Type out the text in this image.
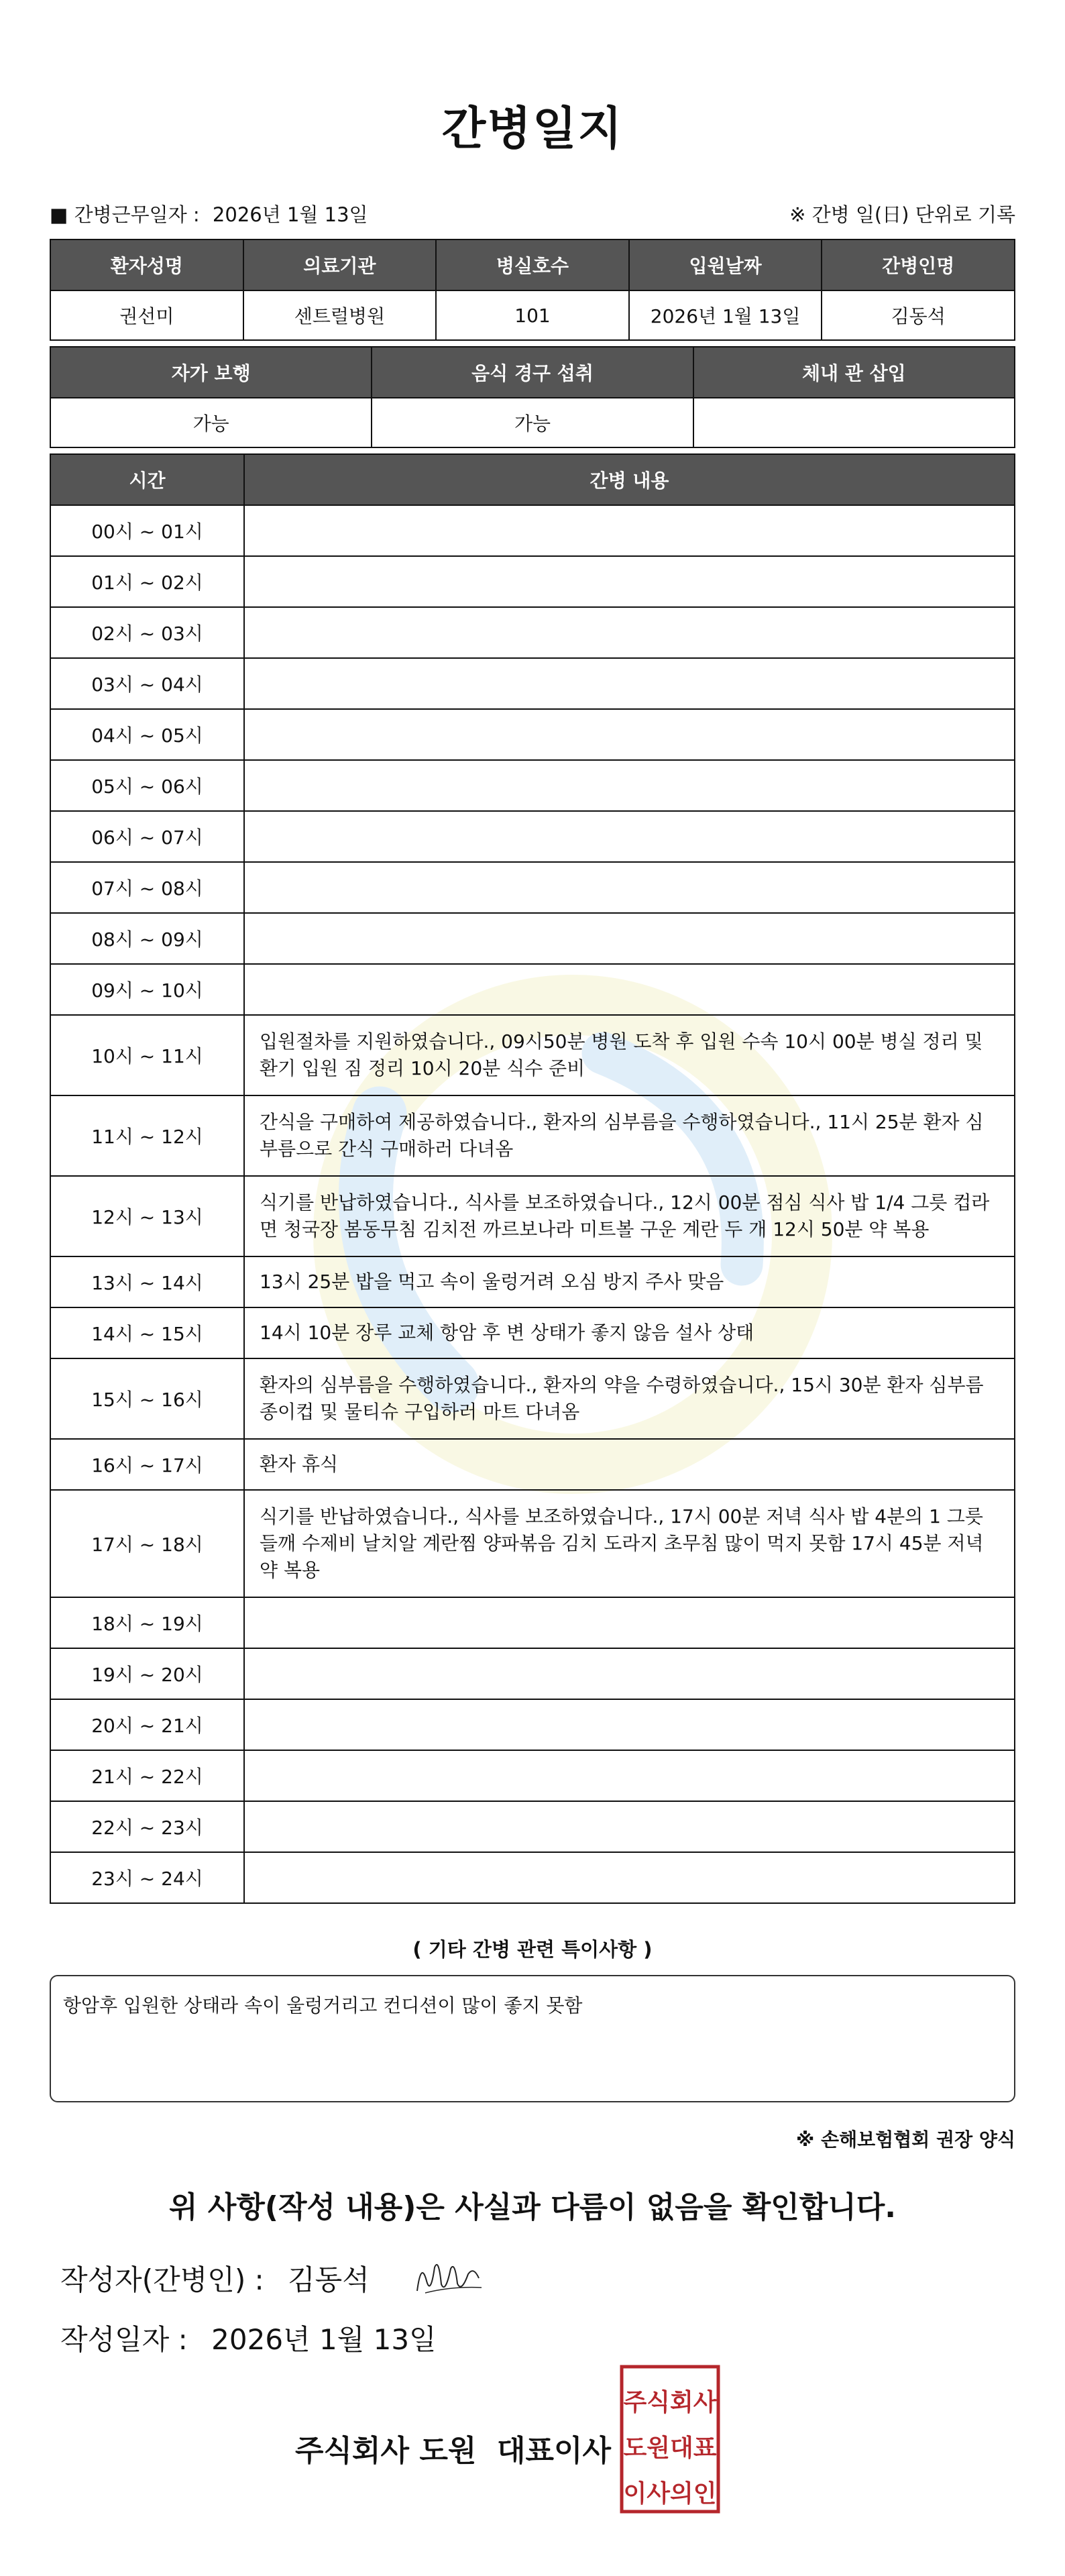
간병일지
■ 간병근무일자 : 2026년 1월 13일	※ 간병 일(日) 단위로 기록
환자성명	의료기관	병실호수	입원날짜	간병인명
권선미	센트럴병원	101	2026년 1월 13일	김동석
자가 보행	음식 경구 섭취	체내 관 삽입
가능	가능	
시간	간병 내용
00시 ~ 01시	
01시 ~ 02시	
02시 ~ 03시	
03시 ~ 04시	
04시 ~ 05시	
05시 ~ 06시	
06시 ~ 07시	
07시 ~ 08시	
08시 ~ 09시	
09시 ~ 10시	
10시 ~ 11시	입원절차를 지원하였습니다., 09시50분 병원 도착 후 입원 수속 10시 00분 병실 정리 및 환기 입원 짐 정리 10시 20분 식수 준비
11시 ~ 12시	간식을 구매하여 제공하였습니다., 환자의 심부름을 수행하였습니다., 11시 25분 환자 심부름으로 간식 구매하러 다녀옴
12시 ~ 13시	식기를 반납하였습니다., 식사를 보조하였습니다., 12시 00분 점심 식사 밥 1/4 그릇 컵라면 청국장 봄동무침 김치전 까르보나라 미트볼 구운 계란 두 개 12시 50분 약 복용
13시 ~ 14시	13시 25분 밥을 먹고 속이 울렁거려 오심 방지 주사 맞음
14시 ~ 15시	14시 10분 장루 교체 항암 후 변 상태가 좋지 않음 설사 상태
15시 ~ 16시	환자의 심부름을 수행하였습니다., 환자의 약을 수령하였습니다., 15시 30분 환자 심부름 종이컵 및 물티슈 구입하러 마트 다녀옴
16시 ~ 17시	환자 휴식
17시 ~ 18시	식기를 반납하였습니다., 식사를 보조하였습니다., 17시 00분 저녁 식사 밥 4분의 1 그릇 들깨 수제비 날치알 계란찜 양파볶음 김치 도라지 초무침 많이 먹지 못함 17시 45분 저녁 약 복용
18시 ~ 19시	
19시 ~ 20시	
20시 ~ 21시	
21시 ~ 22시	
22시 ~ 23시	
23시 ~ 24시	
( 기타 간병 관련 특이사항 )
항암후 입원한 상태라 속이 울렁거리고 컨디션이 많이 좋지 못함
※ 손해보험협회 권장 양식
위 사항(작성 내용)은 사실과 다름이 없음을 확인합니다.
작성자(간병인) : 김동석
작성일자 : 2026년 1월 13일
주식회사 도원  대표이사
주식회사
도원대표
이사의인
